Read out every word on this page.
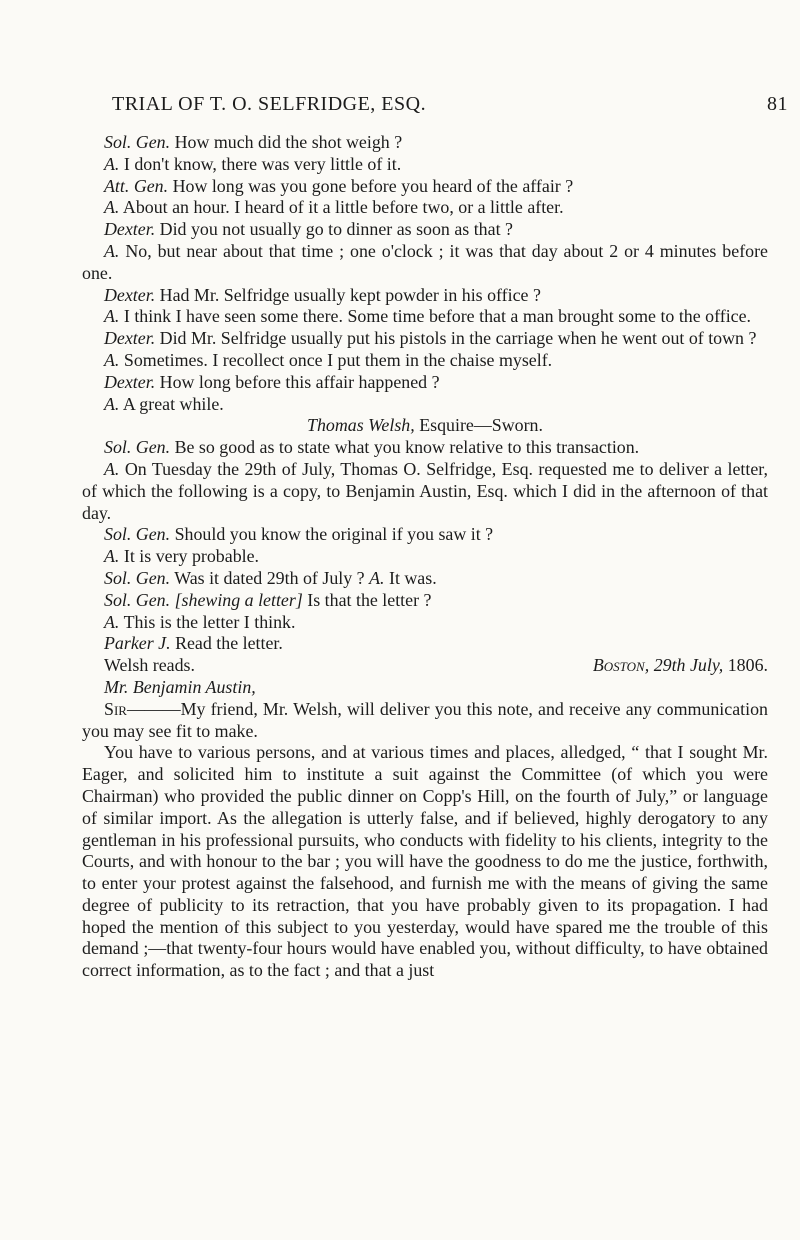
TRIAL OF T. O. SELFRIDGE, ESQ.	81

Sol. Gen. How much did the shot weigh ?

A. I don't know, there was very little of it.

Att. Gen. How long was you gone before you heard of the affair ?

A. About an hour. I heard of it a little before two, or a little after.

Dexter. Did you not usually go to dinner as soon as that ?

A. No, but near about that time ; one o'clock ; it was that day about 2 or 4 minutes before one.

Dexter. Had Mr. Selfridge usually kept powder in his office ?

A. I think I have seen some there. Some time before that a man brought some to the office.

Dexter. Did Mr. Selfridge usually put his pistols in the carriage when he went out of town ?

A. Sometimes. I recollect once I put them in the chaise myself.

Dexter. How long before this affair happened ?

A. A great while.

Thomas Welsh, Esquire—Sworn.

Sol. Gen. Be so good as to state what you know relative to this transaction.

A. On Tuesday the 29th of July, Thomas O. Selfridge, Esq. requested me to deliver a letter, of which the following is a copy, to Benjamin Austin, Esq. which I did in the afternoon of that day.

Sol. Gen. Should you know the original if you saw it ?

A. It is very probable.

Sol. Gen. Was it dated 29th of July ? A. It was.

Sol. Gen. [shewing a letter] Is that the letter ?

A. This is the letter I think.

Parker J. Read the letter.

Welsh reads.	Boston, 29th July, 1806.

Mr. Benjamin Austin,

Sir———My friend, Mr. Welsh, will deliver you this note, and receive any communication you may see fit to make.

You have to various persons, and at various times and places, alledged, “ that I sought Mr. Eager, and solicited him to institute a suit against the Committee (of which you were Chairman) who provided the public dinner on Copp's Hill, on the fourth of July,” or language of similar import. As the allegation is utterly false, and if believed, highly derogatory to any gentleman in his professional pursuits, who conducts with fidelity to his clients, integrity to the Courts, and with honour to the bar ; you will have the goodness to do me the justice, forthwith, to enter your protest against the falsehood, and furnish me with the means of giving the same degree of publicity to its retraction, that you have probably given to its propagation. I had hoped the mention of this subject to you yesterday, would have spared me the trouble of this demand ;—that twenty-four hours would have enabled you, without difficulty, to have obtained correct information, as to the fact ; and that a just
